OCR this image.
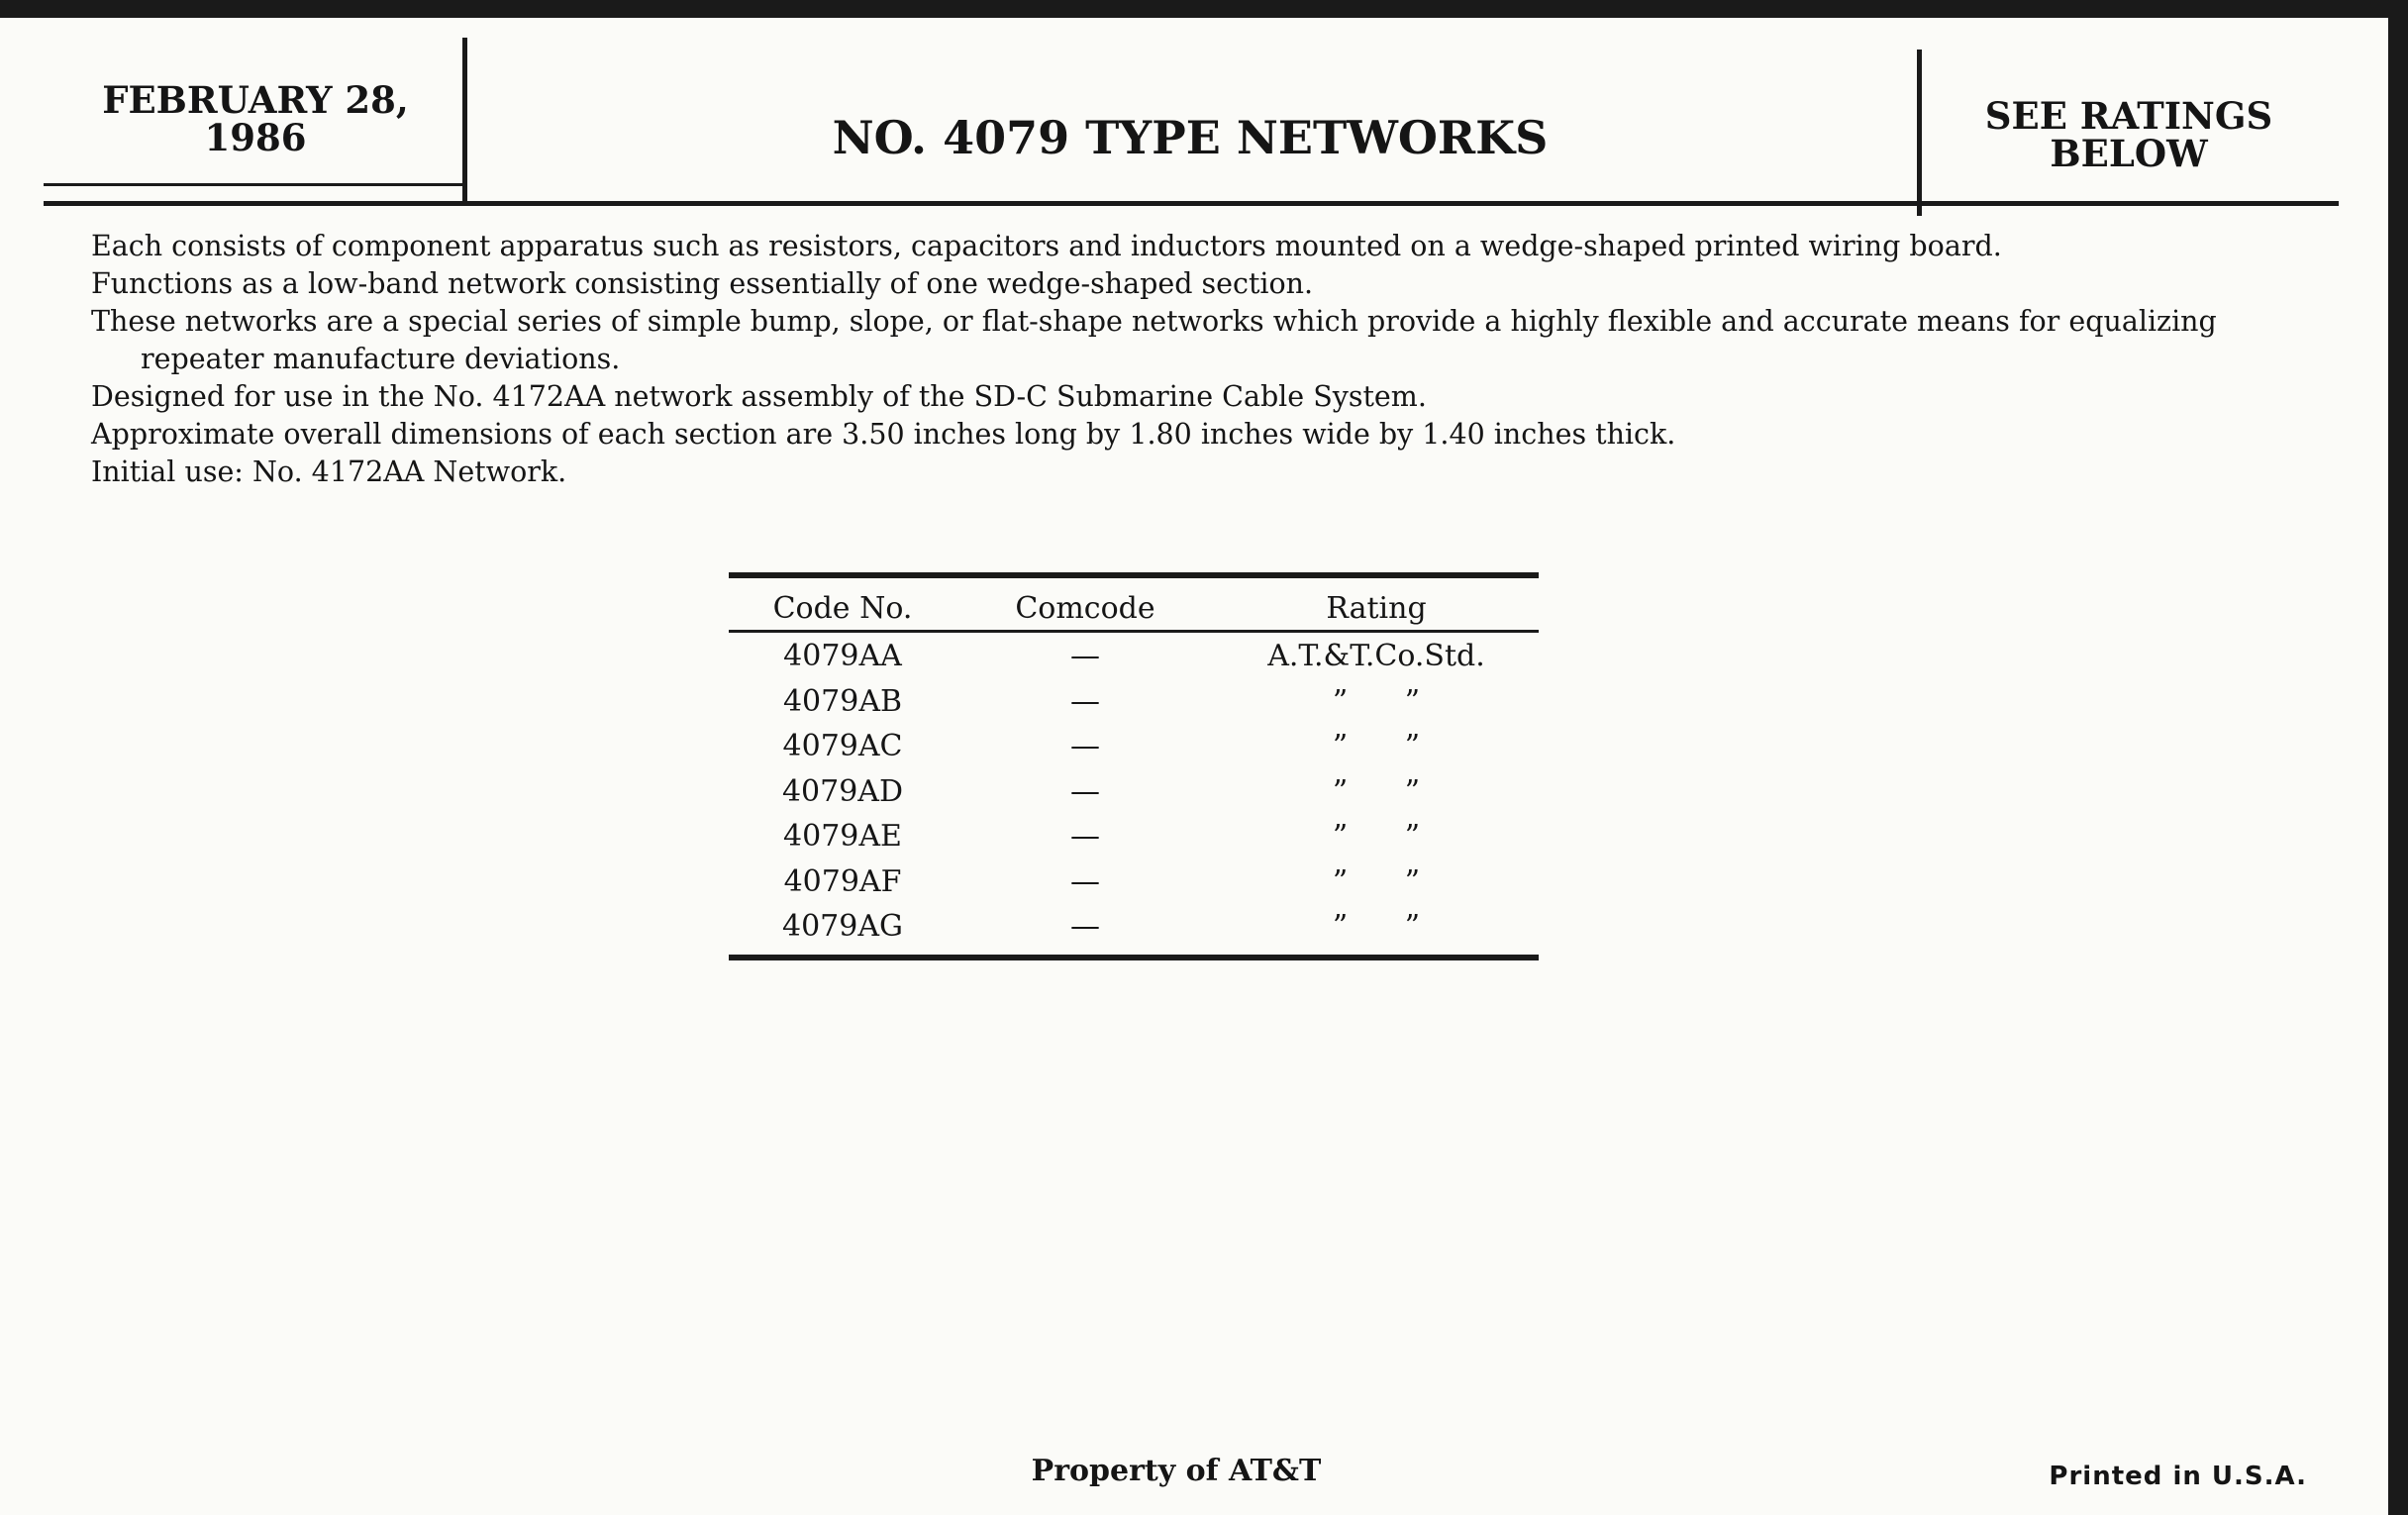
FEBRUARY 28, 1986	NO. 4079 TYPE NETWORKS	SEE RATINGS BELOW

Each consists of component apparatus such as resistors, capacitors and inductors mounted on a wedge-shaped printed wiring board.

Functions as a low-band network consisting essentially of one wedge-shaped section.

These networks are a special series of simple bump, slope, or flat-shape networks which provide a highly flexible and accurate means for equalizing repeater manufacture deviations.

Designed for use in the No. 4172AA network assembly of the SD-C Submarine Cable System.

Approximate overall dimensions of each section are 3.50 inches long by 1.80 inches wide by 1.40 inches thick.

Initial use: No. 4172AA Network.

Code No.	Comcode	Rating
4079AA	—	A.T.&T.Co.Std.
4079AB	—	” ”
4079AC	—	” ”
4079AD	—	” ”
4079AE	—	” ”
4079AF	—	” ”
4079AG	—	” ”
Property of AT&T	Printed in U.S.A.
